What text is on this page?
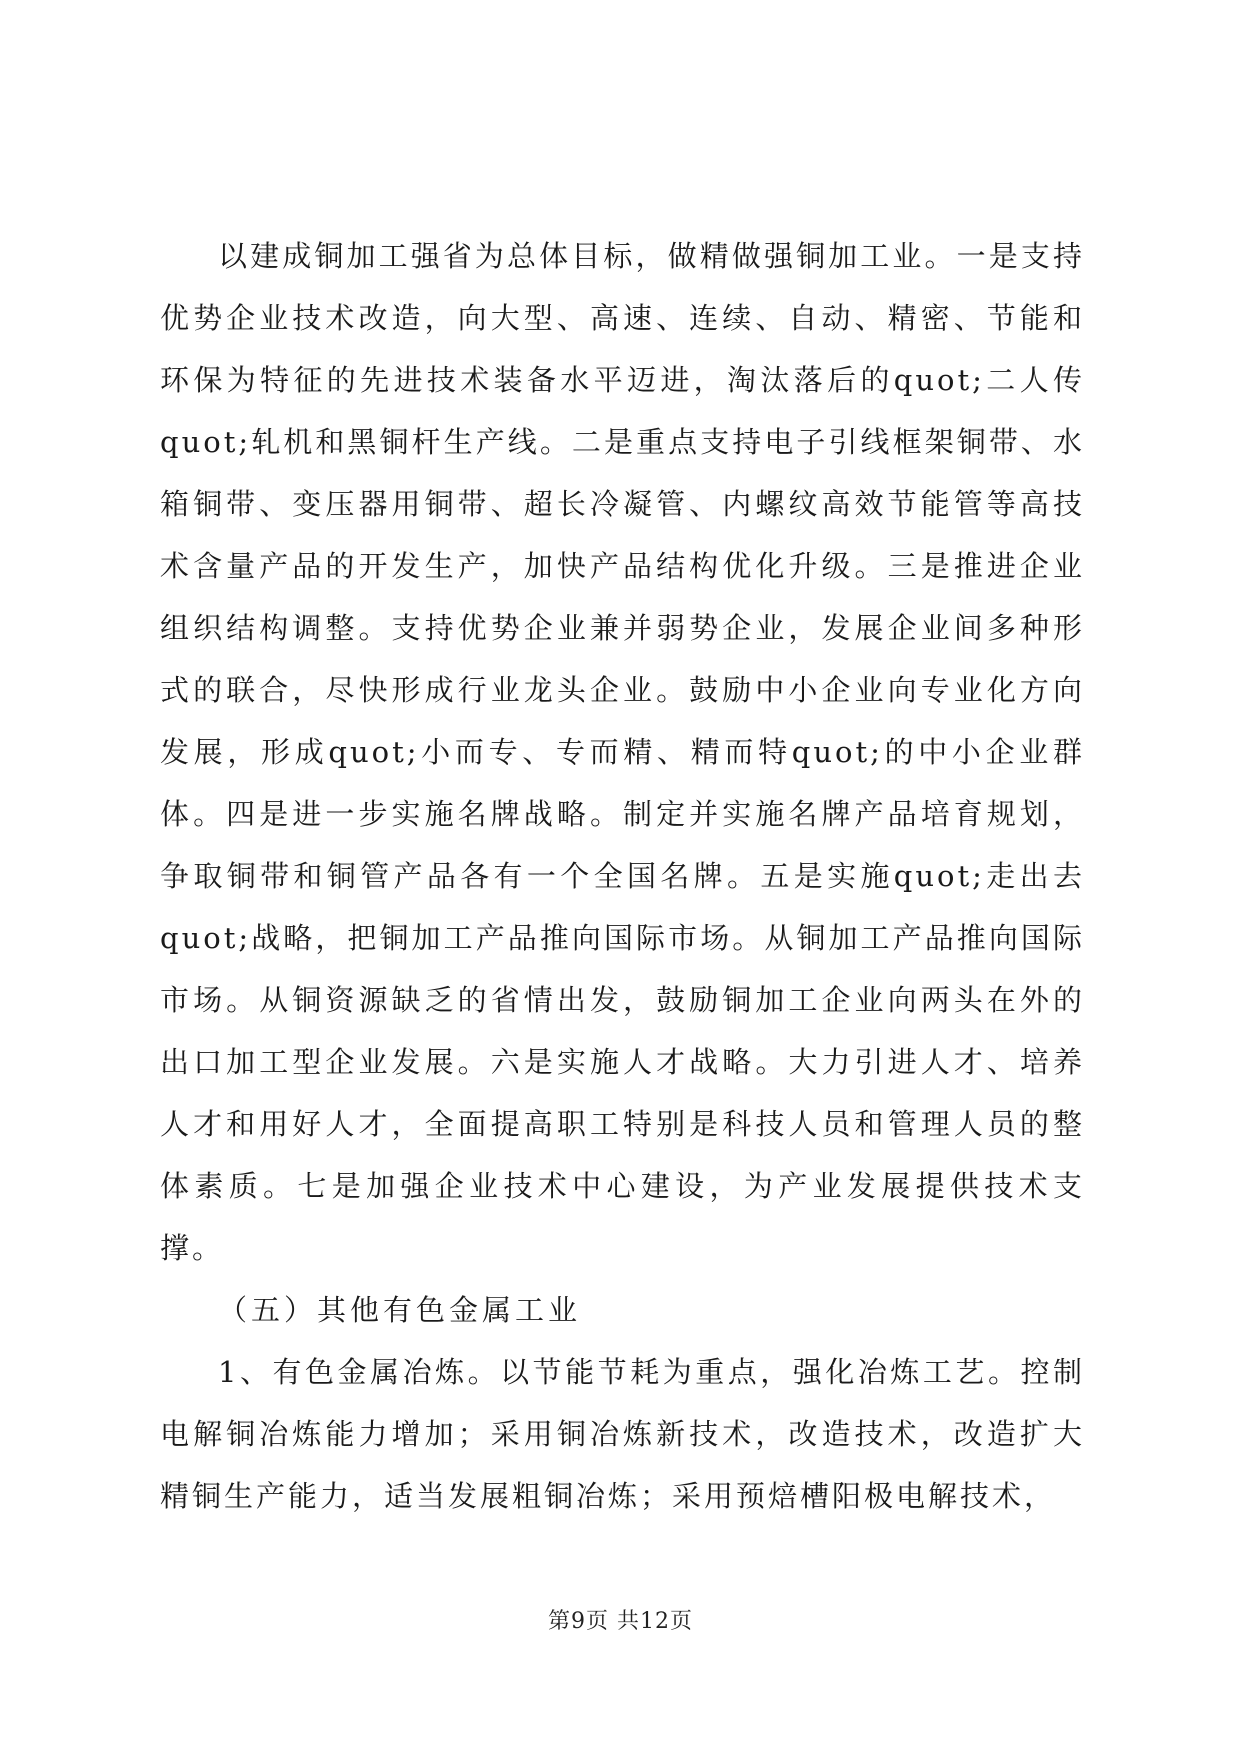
以建成铜加工强省为总体目标，做精做强铜加工业。一是支持优势企业技术改造，向大型、高速、连续、自动、精密、节能和环保为特征的先进技术装备水平迈进，淘汰落后的quot;二人传quot;轧机和黑铜杆生产线。二是重点支持电子引线框架铜带、水箱铜带、变压器用铜带、超长冷凝管、内螺纹高效节能管等高技术含量产品的开发生产，加快产品结构优化升级。三是推进企业组织结构调整。支持优势企业兼并弱势企业，发展企业间多种形式的联合，尽快形成行业龙头企业。鼓励中小企业向专业化方向发展，形成quot;小而专、专而精、精而特quot;的中小企业群体。四是进一步实施名牌战略。制定并实施名牌产品培育规划，争取铜带和铜管产品各有一个全国名牌。五是实施quot;走出去quot;战略，把铜加工产品推向国际市场。从铜加工产品推向国际市场。从铜资源缺乏的省情出发，鼓励铜加工企业向两头在外的出口加工型企业发展。六是实施人才战略。大力引进人才、培养人才和用好人才，全面提高职工特别是科技人员和管理人员的整体素质。七是加强企业技术中心建设，为产业发展提供技术支撑。

（五）其他有色金属工业

1、有色金属冶炼。以节能节耗为重点，强化冶炼工艺。控制电解铜冶炼能力增加；采用铜冶炼新技术，改造技术，改造扩大精铜生产能力，适当发展粗铜冶炼；采用预焙槽阳极电解技术，

第9页 共12页
